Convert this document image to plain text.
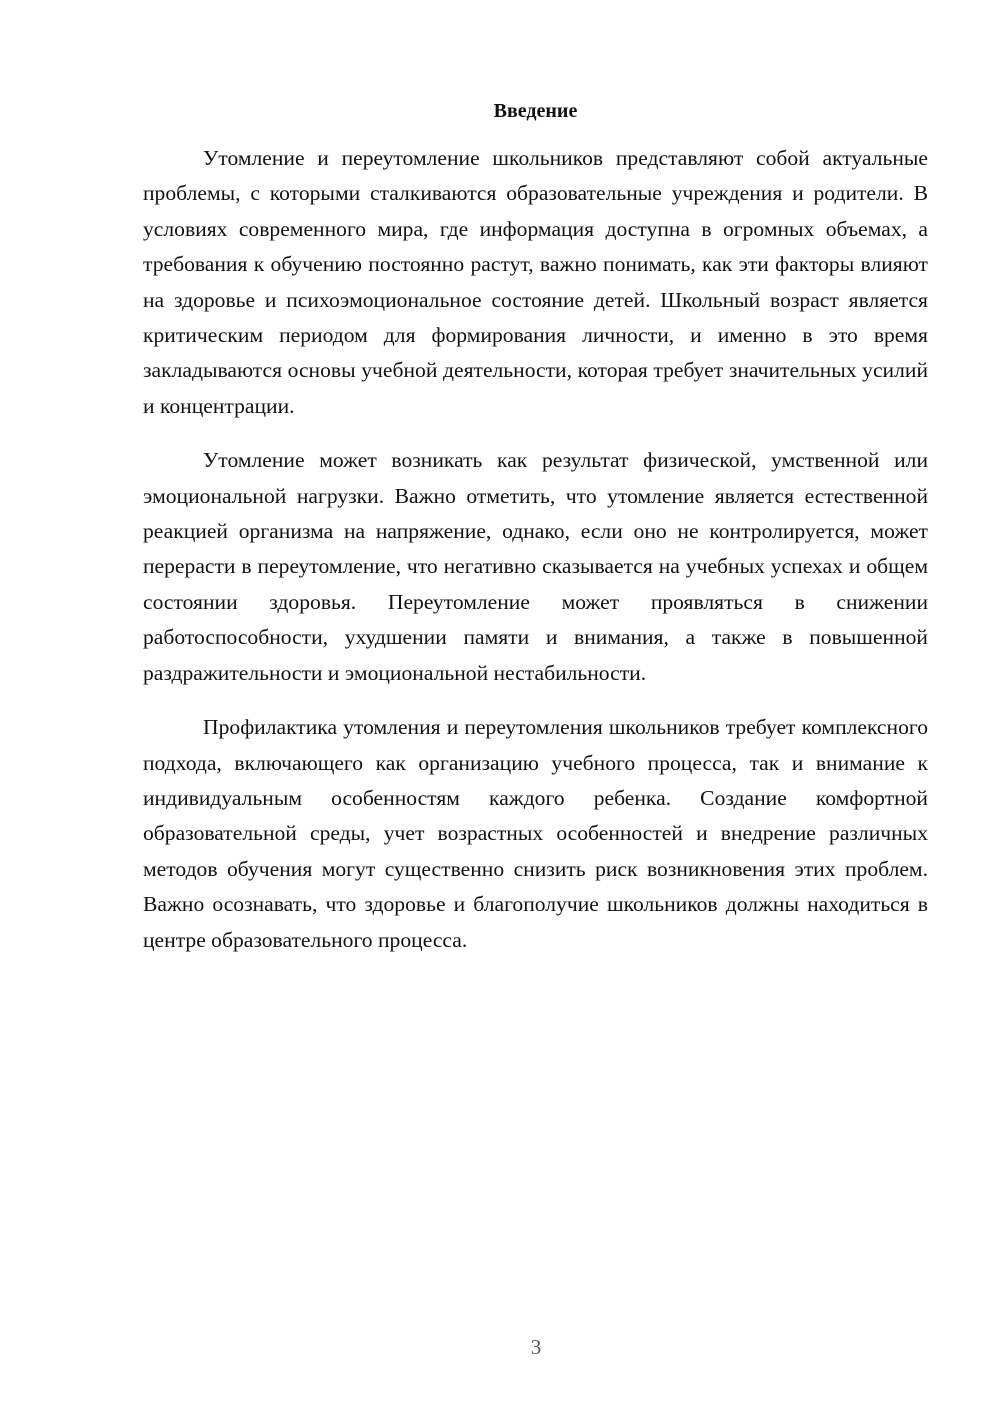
Введение

Утомление и переутомление школьников представляют собой актуальные проблемы, с которыми сталкиваются образовательные учреждения и родители. В условиях современного мира, где информация доступна в огромных объемах, а требования к обучению постоянно растут, важно понимать, как эти факторы влияют на здоровье и психоэмоциональное состояние детей. Школьный возраст является критическим периодом для формирования личности, и именно в это время закладываются основы учебной деятельности, которая требует значительных усилий и концентрации.

Утомление может возникать как результат физической, умственной или эмоциональной нагрузки. Важно отметить, что утомление является естественной реакцией организма на напряжение, однако, если оно не контролируется, может перерасти в переутомление, что негативно сказывается на учебных успехах и общем состоянии здоровья. Переутомление может проявляться в снижении работоспособности, ухудшении памяти и внимания, а также в повышенной раздражительности и эмоциональной нестабильности.

Профилактика утомления и переутомления школьников требует комплексного подхода, включающего как организацию учебного процесса, так и внимание к индивидуальным особенностям каждого ребенка. Создание комфортной образовательной среды, учет возрастных особенностей и внедрение различных методов обучения могут существенно снизить риск возникновения этих проблем. Важно осознавать, что здоровье и благополучие школьников должны находиться в центре образовательного процесса.

3
